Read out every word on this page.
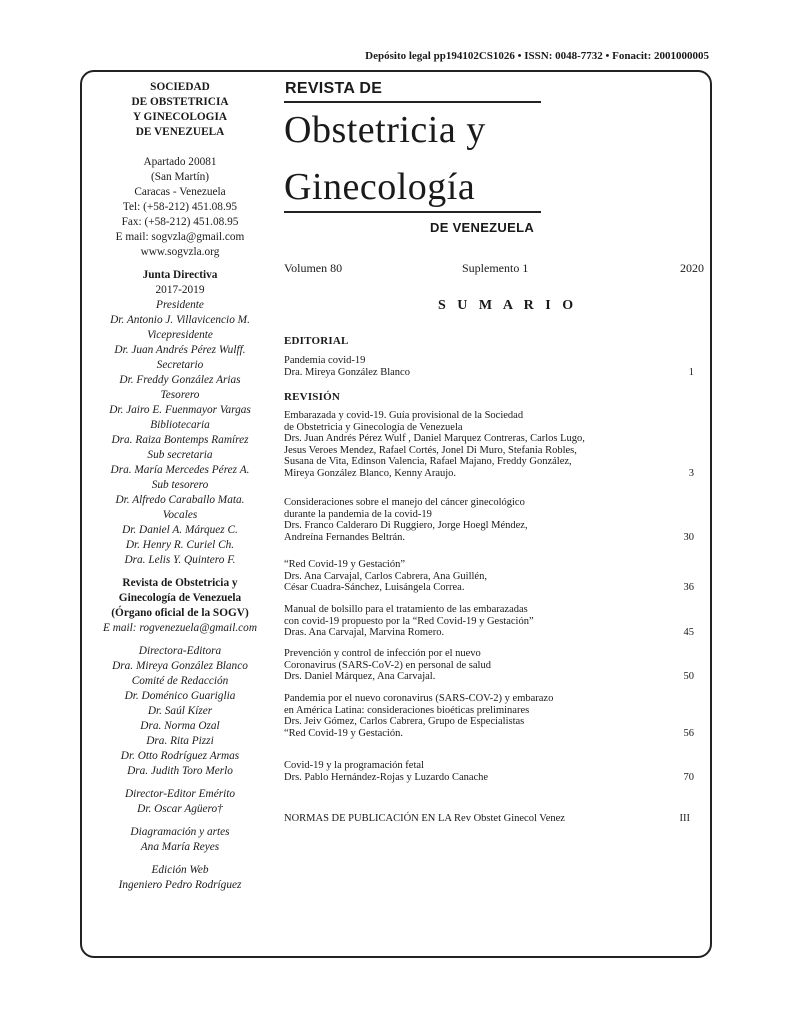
Depósito legal pp194102CS1026 • ISSN: 0048-7732 • Fonacit: 2001000005
SOCIEDAD
DE OBSTETRICIA
Y GINECOLOGIA
DE VENEZUELA
Apartado 20081
(San Martín)
Caracas - Venezuela
Tel: (+58-212) 451.08.95
Fax: (+58-212) 451.08.95
E mail: sogvzla@gmail.com
www.sogvzla.org
Junta Directiva
2017-2019
Presidente
Dr. Antonio J. Villavicencio M.
Vicepresidente
Dr. Juan Andrés Pérez Wulff.
Secretario
Dr. Freddy González Arias
Tesorero
Dr. Jairo E. Fuenmayor Vargas
Bibliotecaria
Dra. Raiza Bontemps Ramírez
Sub secretaria
Dra. María Mercedes Pérez A.
Sub tesorero
Dr. Alfredo Caraballo Mata.
Vocales
Dr. Daniel A. Márquez C.
Dr. Henry R. Curiel Ch.
Dra. Lelis Y. Quintero F.
Revista de Obstetricia y
Ginecología de Venezuela
(Órgano oficial de la SOGV)
E mail: rogvenezuela@gmail.com
Directora-Editora
Dra. Mireya González Blanco
Comité de Redacción
Dr. Doménico Guariglia
Dr. Saúl Kízer
Dra. Norma Ozal
Dra. Rita Pizzi
Dr. Otto Rodríguez Armas
Dra. Judith Toro Merlo
Director-Editor Emérito
Dr. Oscar Agüero†
Diagramación y artes
Ana María Reyes
Edición Web
Ingeniero Pedro Rodríguez
REVISTA DE
Obstetricia y
Ginecología
DE VENEZUELA
Volumen 80	Suplemento 1	2020
S U M A R I O
EDITORIAL
REVISIÓN
Pandemia covid-19
Dra. Mireya González Blanco	1
Embarazada y covid-19. Guía provisional de la Sociedad
de Obstetricia y Ginecología de Venezuela
Drs. Juan Andrés Pérez Wulf , Daniel Marquez Contreras, Carlos Lugo,
Jesus Veroes Mendez, Rafael Cortés, Jonel Di Muro, Stefania Robles,
Susana de Vita, Edinson Valencia, Rafael Majano, Freddy González,
Mireya González Blanco, Kenny Araujo.	3
Consideraciones sobre el manejo del cáncer ginecológico
durante la pandemia de la covid-19
Drs. Franco Calderaro Di Ruggiero, Jorge Hoegl Méndez,
Andreína Fernandes Beltrán.	30
“Red Covid-19 y Gestación”
Drs. Ana Carvajal, Carlos Cabrera, Ana Guillén,
César Cuadra-Sánchez, Luisángela Correa.	36
Manual de bolsillo para el tratamiento de las embarazadas
con covid-19 propuesto por la “Red Covid-19 y Gestación”
Dras. Ana Carvajal, Marvina Romero.	45
Prevención y control de infección por el nuevo
Coronavirus (SARS-CoV-2) en personal de salud
Drs. Daniel Márquez, Ana Carvajal.	50
Pandemia por el nuevo coronavirus (SARS-COV-2) y embarazo
en América Latina: consideraciones bioéticas preliminares
Drs. Jeiv Gómez, Carlos Cabrera, Grupo de Especialistas
“Red Covid-19 y Gestación.	56
Covid-19 y la programación fetal
Drs. Pablo Hernández-Rojas y Luzardo Canache	70
NORMAS DE PUBLICACIÓN EN LA Rev Obstet Ginecol Venez	III
